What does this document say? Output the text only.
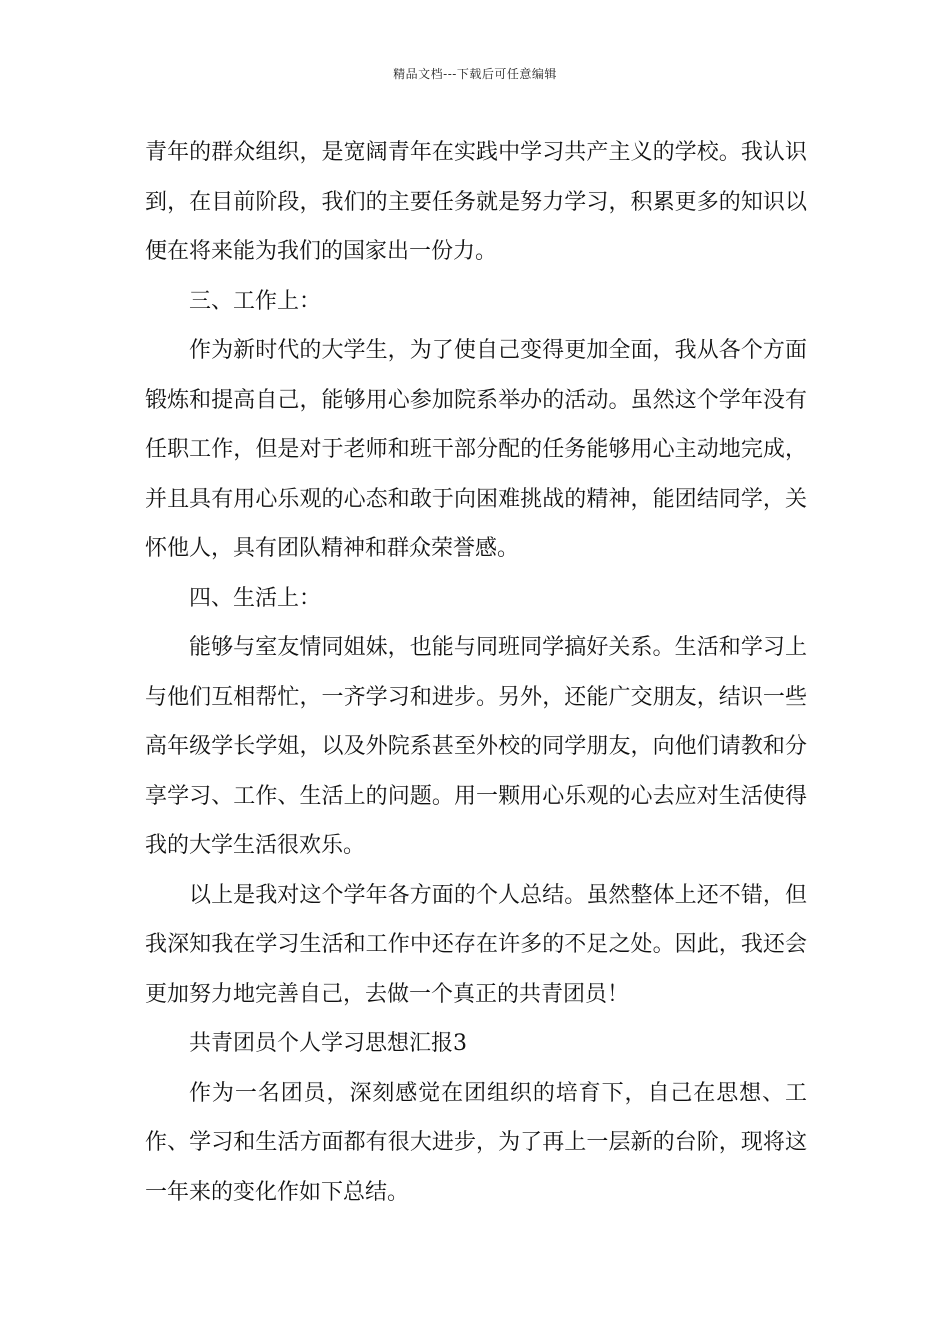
精品文档---下载后可任意编辑

青年的群众组织，是宽阔青年在实践中学习共产主义的学校。我认识到，在目前阶段，我们的主要任务就是努力学习，积累更多的知识以便在将来能为我们的国家出一份力。

三、工作上：

作为新时代的大学生，为了使自己变得更加全面，我从各个方面锻炼和提高自己，能够用心参加院系举办的活动。虽然这个学年没有任职工作，但是对于老师和班干部分配的任务能够用心主动地完成，并且具有用心乐观的心态和敢于向困难挑战的精神，能团结同学，关怀他人，具有团队精神和群众荣誉感。

四、生活上：

能够与室友情同姐妹，也能与同班同学搞好关系。生活和学习上与他们互相帮忙，一齐学习和进步。另外，还能广交朋友，结识一些高年级学长学姐，以及外院系甚至外校的同学朋友，向他们请教和分享学习、工作、生活上的问题。用一颗用心乐观的心去应对生活使得我的大学生活很欢乐。

以上是我对这个学年各方面的个人总结。虽然整体上还不错，但我深知我在学习生活和工作中还存在许多的不足之处。因此，我还会更加努力地完善自己，去做一个真正的共青团员！

共青团员个人学习思想汇报3

作为一名团员，深刻感觉在团组织的培育下，自己在思想、工作、学习和生活方面都有很大进步，为了再上一层新的台阶，现将这一年来的变化作如下总结。
